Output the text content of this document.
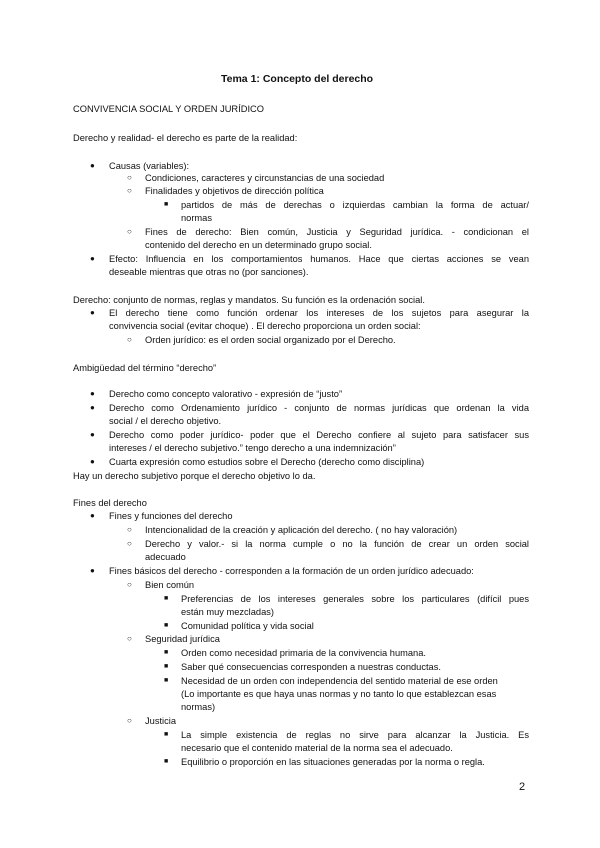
Tema 1: Concepto del derecho
CONVIVENCIA SOCIAL Y ORDEN JURÍDICO
Derecho y realidad- el derecho es parte de la realidad:
● Causas (variables):
○ Condiciones, caracteres y circunstancias de una sociedad
○ Finalidades y objetivos de dirección política
■ partidos de más de derechas o izquierdas cambian la forma de actuar/
normas
○ Fines de derecho: Bien común, Justicia y Seguridad jurídica. - condicionan el
contenido del derecho en un determinado grupo social.
● Efecto: Influencia en los comportamientos humanos. Hace que ciertas acciones se vean
deseable mientras que otras no (por sanciones).
Derecho: conjunto de normas, reglas y mandatos. Su función es la ordenación social.
● El derecho tiene como función ordenar los intereses de los sujetos para asegurar la
convivencia social (evitar choque) . El derecho proporciona un orden social:
○ Orden jurídico: es el orden social organizado por el Derecho.
Ambigüedad del término “derecho”
● Derecho como concepto valorativo - expresión de “justo”
● Derecho como Ordenamiento jurídico - conjunto de normas jurídicas que ordenan la vida
social / el derecho objetivo.
● Derecho como poder jurídico- poder que el Derecho confiere al sujeto para satisfacer sus
intereses / el derecho subjetivo.” tengo derecho a una indemnización”
● Cuarta expresión como estudios sobre el Derecho (derecho como disciplina)
Hay un derecho subjetivo porque el derecho objetivo lo da.
Fines del derecho
● Fines y funciones del derecho
○ Intencionalidad de la creación y aplicación del derecho. ( no hay valoración)
○ Derecho y valor.- si la norma cumple o no la función de crear un orden social
adecuado
● Fines básicos del derecho - corresponden a la formación de un orden jurídico adecuado:
○ Bien común
■ Preferencias de los intereses generales sobre los particulares (difícil pues
están muy mezcladas)
■ Comunidad política y vida social
○ Seguridad jurídica
■ Orden como necesidad primaria de la convivencia humana.
■ Saber qué consecuencias corresponden a nuestras conductas.
■ Necesidad de un orden con independencia del sentido material de ese orden
(Lo importante es que haya unas normas y no tanto lo que establezcan esas
normas)
○ Justicia
■ La simple existencia de reglas no sirve para alcanzar la Justicia. Es
necesario que el contenido material de la norma sea el adecuado.
■ Equilibrio o proporción en las situaciones generadas por la norma o regla.
2
